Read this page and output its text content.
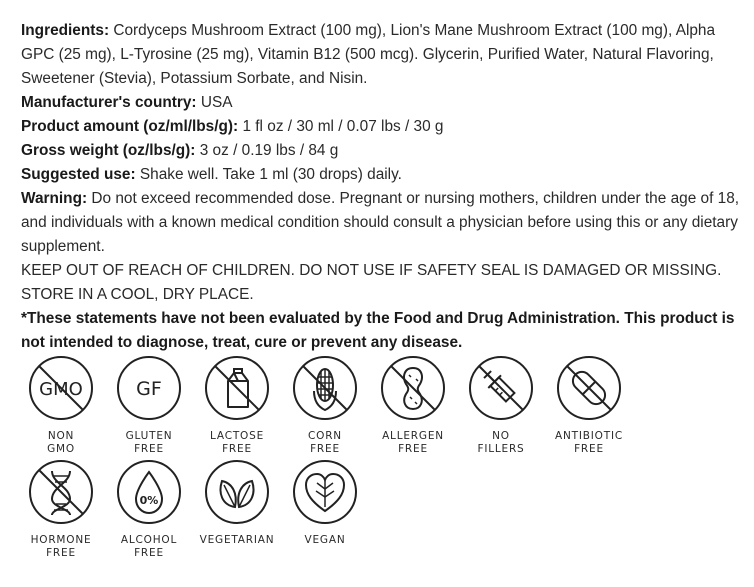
Ingredients: Cordyceps Mushroom Extract (100 mg), Lion's Mane Mushroom Extract (100 mg), Alpha GPC (25 mg), L-Tyrosine (25 mg), Vitamin B12 (500 mcg). Glycerin, Purified Water, Natural Flavoring, Sweetener (Stevia), Potassium Sorbate, and Nisin.

Manufacturer's country: USA

Product amount (oz/ml/lbs/g): 1 fl oz / 30 ml / 0.07 lbs / 30 g

Gross weight (oz/lbs/g): 3 oz / 0.19 lbs / 84 g

Suggested use: Shake well. Take 1 ml (30 drops) daily.

Warning: Do not exceed recommended dose. Pregnant or nursing mothers, children under the age of 18, and individuals with a known medical condition should consult a physician before using this or any dietary supplement.

KEEP OUT OF REACH OF CHILDREN. DO NOT USE IF SAFETY SEAL IS DAMAGED OR MISSING.

STORE IN A COOL, DRY PLACE.

*These statements have not been evaluated by the Food and Drug Administration. This product is not intended to diagnose, treat, cure or prevent any disease.

GMO
NON
GMO
GF
GLUTEN
FREE
LACTOSE
FREE
CORN
FREE
ALLERGEN
FREE
NO
FILLERS
ANTIBIOTIC
FREE
HORMONE
FREE
0%
ALCOHOL
FREE
VEGETARIAN	VEGAN
